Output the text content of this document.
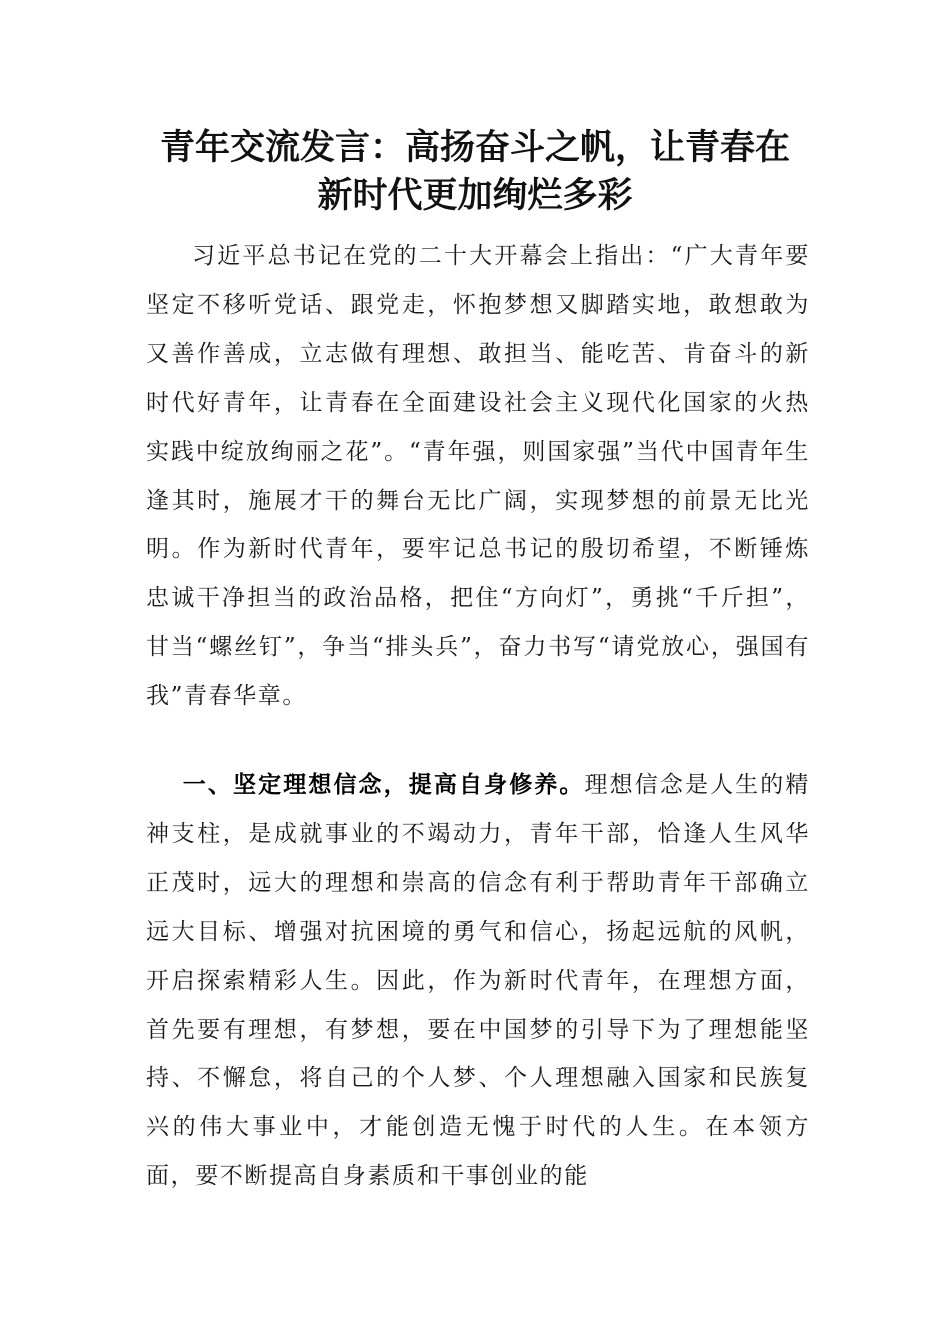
青年交流发言：高扬奋斗之帆，让青春在
新时代更加绚烂多彩

习近平总书记在党的二十大开幕会上指出：“广大青年要坚定不移听党话、跟党走，怀抱梦想又脚踏实地，敢想敢为又善作善成，立志做有理想、敢担当、能吃苦、肯奋斗的新时代好青年，让青春在全面建设社会主义现代化国家的火热实践中绽放绚丽之花”。“青年强，则国家强”当代中国青年生逢其时，施展才干的舞台无比广阔，实现梦想的前景无比光明。作为新时代青年，要牢记总书记的殷切希望，不断锤炼忠诚干净担当的政治品格，把住“方向灯”，勇挑“千斤担”，甘当“螺丝钉”，争当“排头兵”，奋力书写“请党放心，强国有我”青春华章。

一、坚定理想信念，提高自身修养。理想信念是人生的精神支柱，是成就事业的不竭动力，青年干部，恰逢人生风华正茂时，远大的理想和崇高的信念有利于帮助青年干部确立远大目标、增强对抗困境的勇气和信心，扬起远航的风帆，开启探索精彩人生。因此，作为新时代青年，在理想方面，首先要有理想，有梦想，要在中国梦的引导下为了理想能坚持、不懈怠，将自己的个人梦、个人理想融入国家和民族复兴的伟大事业中，才能创造无愧于时代的人生。在本领方面，要不断提高自身素质和干事创业的能
